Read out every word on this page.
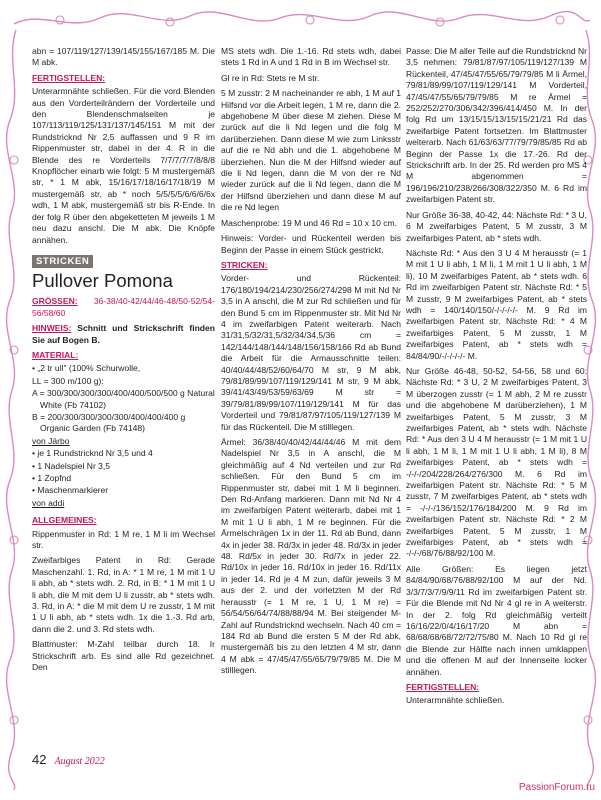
abn = 107/119/127/139/145/155/167/185 M. Die M abk.

FERTIGSTELLEN:

Unterarmnähte schließen. Für die vord Blenden aus den Vorderteilrändern der Vorderteile und den Blendenschmalseiten je 107/113/119/125/131/137/145/151 M mit der Rundstricknd Nr 2,5 auffassen und 9 R im Rippenmuster str, dabei in der 4. R in die Blende des re Vorderteils 7/7/7/7/7/8/8/8 Knopflöcher einarb wie folgt: 5 M mustergemäß str, * 1 M abk, 15/16/17/18/16/17/18/19 M mustergemäß str, ab * noch 5/5/5/5/6/6/6/6x wdh, 1 M abk, mustergemäß str bis R-Ende. In der folg R über den abgeketteten M jeweils 1 M neu dazu anschl. Die M abk. Die Knöpfe annähen.

STRICKEN
Pullover Pomona

GRÖSSEN: 36-38/40-42/44/46-48/50-52/54-56/58/60

HINWEIS: Schnitt und Strickschrift finden Sie auf Bogen B.

MATERIAL:
• „2 tr ull" (100% Schurwolle,
LL = 300 m/100 g):
A = 300/300/300/300/400/400/500/500 g Natural White (Fb 74102)
B = 200/300/300/300/300/400/400/400 g Organic Garden (Fb 74148)
von Järbo
• je 1 Rundstricknd Nr 3,5 und 4
• 1 Nadelspiel Nr 3,5
• 1 Zopfnd
• Maschenmarkierer
von addi
ALLGEMEINES:

Rippenmuster in Rd: 1 M re, 1 M li im Wechsel str.

Zweifarbiges Patent in Rd: Gerade Maschenzahl. 1. Rd, in A: * 1 M re, 1 M mit 1 U li abh, ab * stets wdh. 2. Rd, in B: * 1 M mit 1 U li abh, die M mit dem U li zusstr, ab * stets wdh. 3. Rd, in A: * die M mit dem U re zusstr, 1 M mit 1 U li abh, ab * stets wdh. 1x die 1.-3. Rd arb, dann die 2. und 3. Rd stets wdh.

Blattmuster: M-Zahl teilbar durch 18. Ir Strickschrift arb. Es sind alle Rd gezeichnet. Den

MS stets wdh. Die 1.-16. Rd stets wdh, dabei stets 1 Rd in A und 1 Rd in B im Wechsel str.

Gl re in Rd: Stets re M str.

5 M zusstr: 2 M nacheinander re abh, 1 M auf 1 Hilfsnd vor die Arbeit legen, 1 M re, dann die 2. abgehobene M über diese M ziehen. Diese M zurück auf die li Nd legen und die folg M darüberziehen. Dann diese M wie zum Linksstr auf die re Nd abh und die 1. abgehobene M überziehen. Nun die M der Hilfsnd wieder auf die li Nd legen, dann die M von der re Nd wieder zurück auf die li Nd legen, dann die M der Hilfsnd überziehen und dann diese M auf die re Nd legen

Maschenprobe: 19 M und 46 Rd = 10 x 10 cm.

Hinweis: Vorder- und Rückenteil werden bis Beginn der Passe in einem Stück gestrickt.

STRICKEN:

Vorder- und Rückenteil: 176/180/194/214/230/256/274/298 M mit Nd Nr 3,5 in A anschl, die M zur Rd schließen und für den Bund 5 cm im Rippenmuster str. Mit Nd Nr 4 im zweifarbigen Patent weiterarb. Nach 31/31,5/32/31,5/32/34/34,5/36 cm = 142/144/148/144/148/156/158/166 Rd ab Bund die Arbeit für die Armausschnitte teilen: 40/40/44/48/52/60/64/70 M str, 9 M abk, 79/81/89/99/107/119/129/141 M str, 9 M abk, 39/41/43/49/53/59/63/69 M str = 39/79/81/89/99/107/119/129/141 M für das Vorderteil und 79/81/87/97/105/119/127/139 M für das Rückenteil. Die M stilllegen.

Ärmel: 36/38/40/40/42/44/44/46 M mit dem Nadelspiel Nr 3,5 in A anschl, die M gleichmäßig auf 4 Nd verteilen und zur Rd schließen. Für den Bund 5 cm im Rippenmuster str, dabei mit 1 M li beginnen. Den Rd-Anfang markieren. Dann mit Nd Nr 4 im zweifarbigen Patent weiterarb, dabei mit 1 M mit 1 U li abh, 1 M re beginnen. Für die Ärmelschrägen 1x in der 11. Rd ab Bund, dann 4x in jeder 38. Rd/3x in jeder 48. Rd/3x in jeder 48. Rd/5x in jeder 30. Rd/7x in jeder 22. Rd/10x in jeder 16. Rd/10x in jeder 16. Rd/11x in jeder 14. Rd je 4 M zun, dafür jeweils 3 M aus der 2. und der vorletzten M der Rd herausstr (= 1 M re, 1 U, 1 M re) = 56/54/56/64/74/88/88/94 M. Bei steigender M-Zahl auf Rundstricknd wechseln. Nach 40 cm = 184 Rd ab Bund die ersten 5 M der Rd abk, mustergemäß bis zu den letzten 4 M str, dann 4 M abk = 47/45/47/55/65/79/79/85 M. Die M stilllegen.

Passe: Die M aller Teile auf die Rundstricknd Nr 3,5 nehmen: 79/81/87/97/105/119/127/139 M Rückenteil, 47/45/47/55/65/79/79/85 M li Ärmel, 79/81/89/99/107/119/129/141 M Vorderteil, 47/45/47/55/65/79/79/85 M re Ärmel = 252/252/270/306/342/396/414/450 M. In der folg Rd um 13/15/15/13/15/15/21/21 Rd das zweifarbige Patent fortsetzen. Im Blattmuster weiterarb. Nach 61/63/63/77/79/79/85/85 Rd ab Beginn der Passe 1x die 17.-26. Rd der Strickschrift arb. In der 25. Rd werden pro MS 4 M abgenommen = 196/196/210/238/266/308/322/350 M. 6 Rd im zweifarbigen Patent str.

Nur Größe 36-38, 40-42, 44: Nächste Rd: * 3 U, 6 M zweifarbiges Patent, 5 M zusstr, 3 M zweifarbiges Patent, ab * stets wdh.

Nächste Rd: * Aus den 3 U 4 M herausstr (= 1 M mit 1 U li abh, 1 M li, 1 M mit 1 U li abh, 1 M li), 10 M zweifarbiges Patent, ab * stets wdh. 6 Rd im zweifarbigen Patent str. Nächste Rd: * 5 M zusstr, 9 M zweifarbiges Patent, ab * stets wdh = 140/140/150/-/-/-/-/- M. 9 Rd im zweifarbigen Patent str. Nächste Rd: * 4 M zweifarbiges Patent, 5 M zusstr, 1 M zweifarbiges Patent, ab * stets wdh = 84/84/90/-/-/-/-/- M.

Nur Größe 46-48, 50-52, 54-56, 58 und 60: Nächste Rd: * 3 U, 2 M zweifarbiges Patent, 3 M überzogen zusstr (= 1 M abh, 2 M re zusstr und die abgehobene M darüberziehen), 1 M zweifarbiges Patent, 5 M zusstr, 3 M zweifarbiges Patent, ab * stets wdh. Nächste Rd: * Aus den 3 U 4 M herausstr (= 1 M mit 1 U li abh, 1 M li, 1 M mit 1 U li abh, 1 M li), 8 M zweifarbiges Patent, ab * stets wdh = -/-/-/204/228/264/276/300 M. 6 Rd im zweifarbigen Patent str. Nächste Rd: * 5 M zusstr, 7 M zweifarbiges Patent, ab * stets wdh = -/-/-/136/152/176/184/200 M. 9 Rd im zweifarbigen Patent str. Nächste Rd: * 2 M zweifarbiges Patent, 5 M zusstr, 1 M zweifarbiges Patent, ab * stets wdh = -/-/-/68/76/88/92/100 M.

Alle Größen: Es liegen jetzt 84/84/90/68/76/88/92/100 M auf der Nd. 3/3/7/3/7/9/9/11 Rd im zweifarbigen Patent str. Für die Blende mit Nd Nr 4 gl re in A weiterstr. In der 2. folg Rd gleichmäßig verteilt 16/16/22/0/4/16/17/20 M abn = 68/68/68/68/72/72/75/80 M. Nach 10 Rd gl re die Blende zur Hälfte nach innen umklappen und die offenen M auf der Innenseite locker annähen.

FERTIGSTELLEN:

Unterarmnähte schließen.

42 August 2022
PassionForum.ru
